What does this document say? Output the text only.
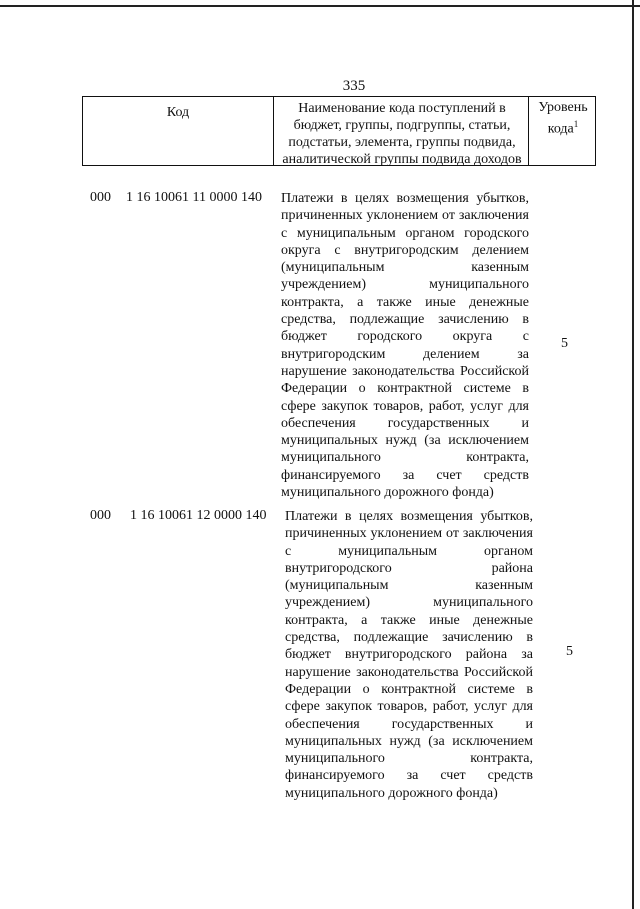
335
Код	Наименование кода поступлений в бюджет, группы, подгруппы, статьи, подстатьи, элемента, группы подвида, аналитической группы подвида доходов
Уровень кода$^1$
000 1 16 10061 11 0000 140 Платежи в целях возмещения убытков, причиненных уклонением от заключения с муниципальным органом городского округа с внутригородским делением (муниципальным казенным учреждением) муниципального контракта, а также иные денежные средства, подлежащие зачислению в бюджет городского округа с внутригородским делением за нарушение законодательства Российской Федерации о контрактной системе в сфере закупок товаров, работ, услуг для обеспечения государственных и муниципальных нужд (за исключением муниципального контракта, финансируемого за счет средств муниципального дорожного фонда)
5
000 1 16 10061 12 0000 140 Платежи в целях возмещения убытков, причиненных уклонением от заключения с муниципальным органом внутригородского района (муниципальным казенным учреждением) муниципального контракта, а также иные денежные средства, подлежащие зачислению в бюджет внутригородского района за нарушение законодательства Российской Федерации о контрактной системе в сфере закупок товаров, работ, услуг для обеспечения государственных и муниципальных нужд (за исключением муниципального контракта, финансируемого за счет средств муниципального дорожного фонда)
5
